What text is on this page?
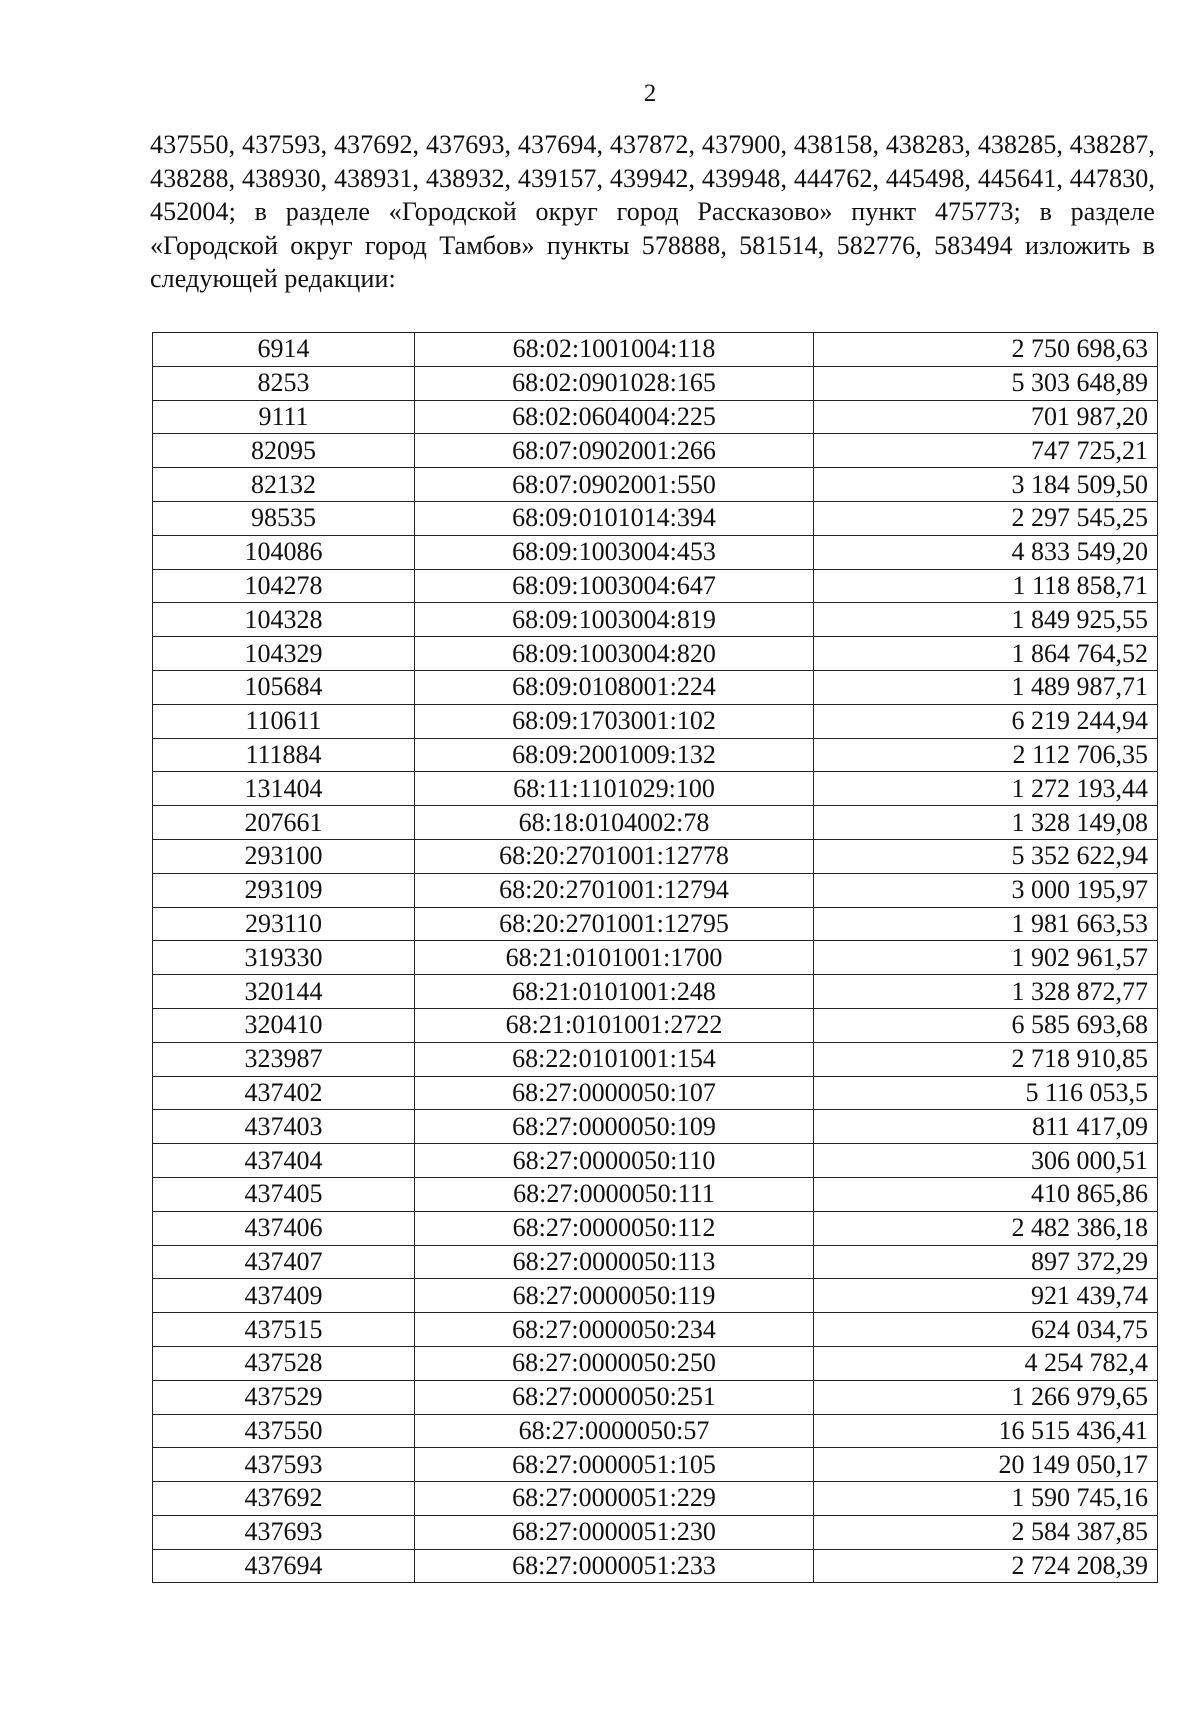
2

437550, 437593, 437692, 437693, 437694, 437872, 437900, 438158, 438283, 438285, 438287, 438288, 438930, 438931, 438932, 439157, 439942, 439948, 444762, 445498, 445641, 447830, 452004; в разделе «Городской округ город Рассказово» пункт 475773; в разделе «Городской округ город Тамбов» пункты 578888, 581514, 582776, 583494 изложить в следующей редакции:

6914	68:02:1001004:118	2 750 698,63
8253	68:02:0901028:165	5 303 648,89
9111	68:02:0604004:225	701 987,20
82095	68:07:0902001:266	747 725,21
82132	68:07:0902001:550	3 184 509,50
98535	68:09:0101014:394	2 297 545,25
104086	68:09:1003004:453	4 833 549,20
104278	68:09:1003004:647	1 118 858,71
104328	68:09:1003004:819	1 849 925,55
104329	68:09:1003004:820	1 864 764,52
105684	68:09:0108001:224	1 489 987,71
110611	68:09:1703001:102	6 219 244,94
111884	68:09:2001009:132	2 112 706,35
131404	68:11:1101029:100	1 272 193,44
207661	68:18:0104002:78	1 328 149,08
293100	68:20:2701001:12778	5 352 622,94
293109	68:20:2701001:12794	3 000 195,97
293110	68:20:2701001:12795	1 981 663,53
319330	68:21:0101001:1700	1 902 961,57
320144	68:21:0101001:248	1 328 872,77
320410	68:21:0101001:2722	6 585 693,68
323987	68:22:0101001:154	2 718 910,85
437402	68:27:0000050:107	5 116 053,5
437403	68:27:0000050:109	811 417,09
437404	68:27:0000050:110	306 000,51
437405	68:27:0000050:111	410 865,86
437406	68:27:0000050:112	2 482 386,18
437407	68:27:0000050:113	897 372,29
437409	68:27:0000050:119	921 439,74
437515	68:27:0000050:234	624 034,75
437528	68:27:0000050:250	4 254 782,4
437529	68:27:0000050:251	1 266 979,65
437550	68:27:0000050:57	16 515 436,41
437593	68:27:0000051:105	20 149 050,17
437692	68:27:0000051:229	1 590 745,16
437693	68:27:0000051:230	2 584 387,85
437694	68:27:0000051:233	2 724 208,39
